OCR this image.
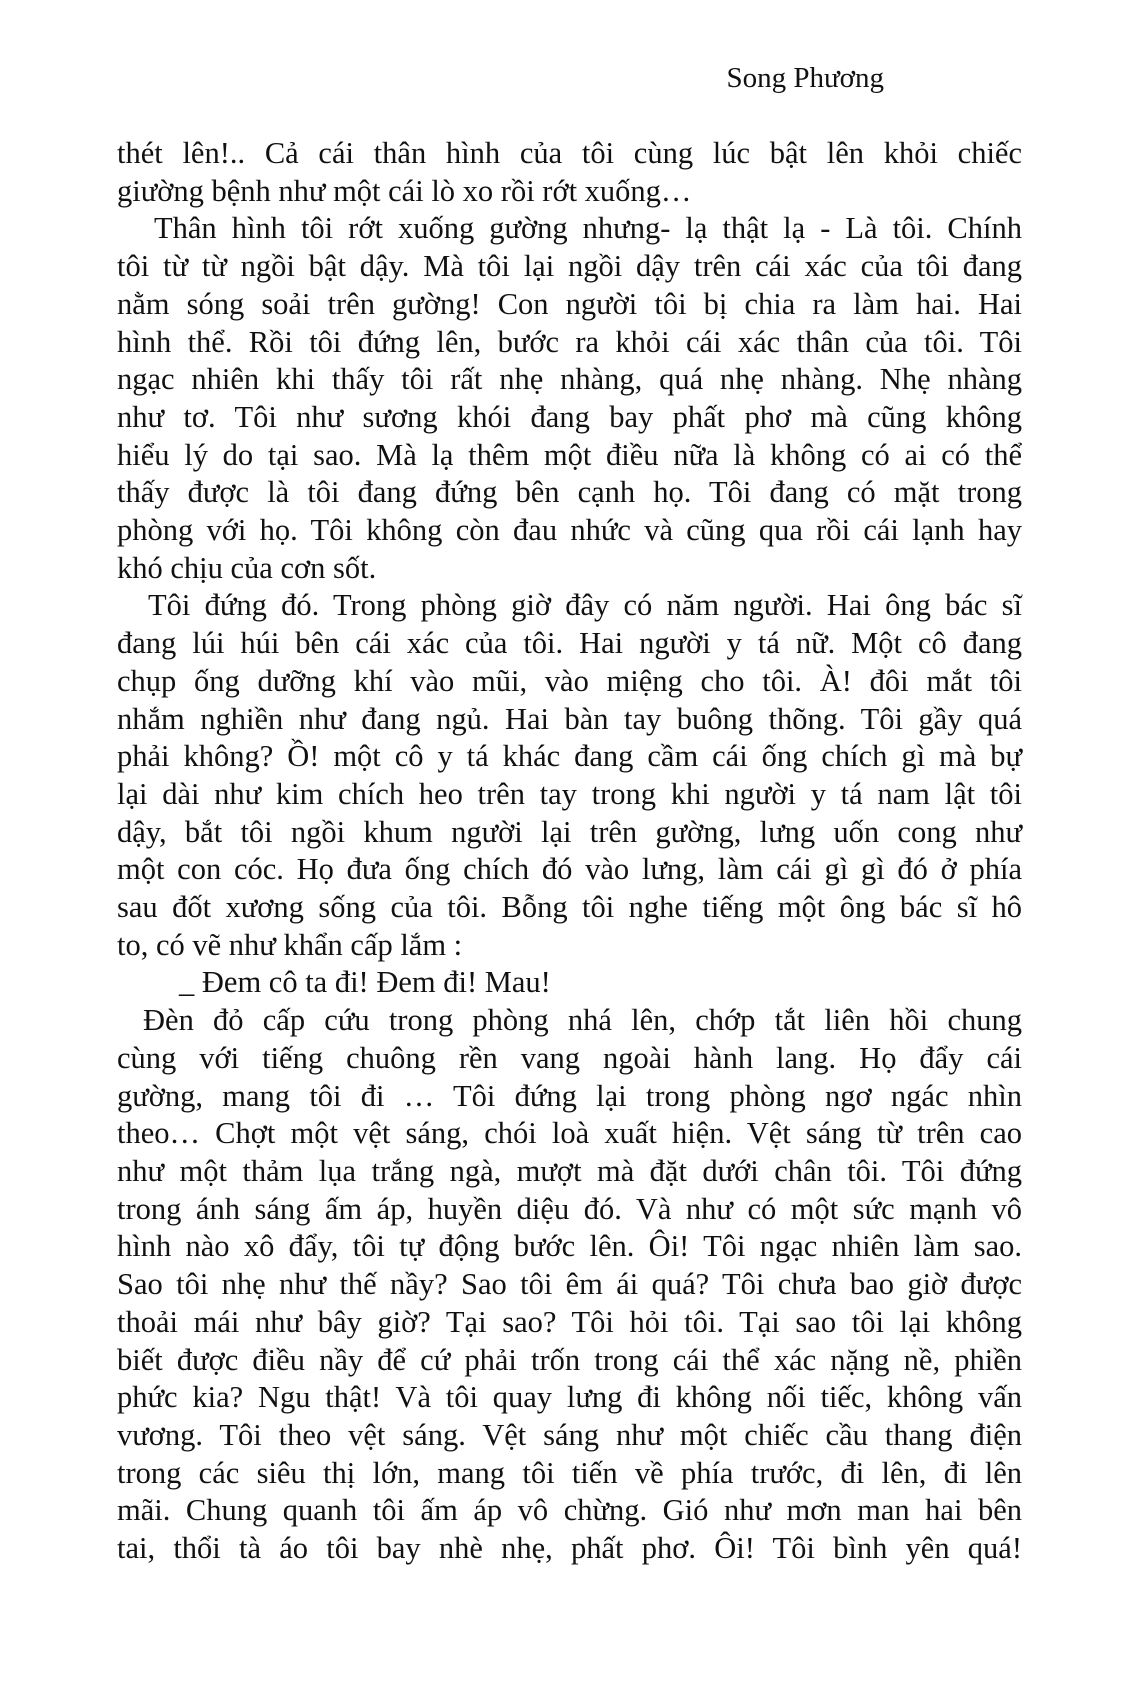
Song Phương
thét lên!.. Cả cái thân hình của tôi cùng lúc bật lên khỏi chiếc
giường bệnh như một cái lò xo rồi rớt xuống…
Thân hình tôi rớt xuống gường nhưng- lạ thật lạ - Là tôi. Chính
tôi từ từ ngồi bật dậy. Mà tôi lại ngồi dậy trên cái xác của tôi đang
nằm sóng soải trên gường! Con người tôi bị chia ra làm hai. Hai
hình thể. Rồi tôi đứng lên, bước ra khỏi cái xác thân của tôi. Tôi
ngạc nhiên khi thấy tôi rất nhẹ nhàng, quá nhẹ nhàng. Nhẹ nhàng
như tơ. Tôi như sương khói đang bay phất phơ mà cũng không
hiểu lý do tại sao. Mà lạ thêm một điều nữa là không có ai có thể
thấy được là tôi đang đứng bên cạnh họ. Tôi đang có mặt trong
phòng với họ. Tôi không còn đau nhức và cũng qua rồi cái lạnh hay
khó chịu của cơn sốt.
Tôi đứng đó. Trong phòng giờ đây có năm người. Hai ông bác sĩ
đang lúi húi bên cái xác của tôi. Hai người y tá nữ. Một cô đang
chụp ống dưỡng khí vào mũi, vào miệng cho tôi. À! đôi mắt tôi
nhắm nghiền như đang ngủ. Hai bàn tay buông thõng. Tôi gầy quá
phải không? Ồ! một cô y tá khác đang cầm cái ống chích gì mà bự
lại dài như kim chích heo trên tay trong khi người y tá nam lật tôi
dậy, bắt tôi ngồi khum người lại trên gường, lưng uốn cong như
một con cóc. Họ đưa ống chích đó vào lưng, làm cái gì gì đó ở phía
sau đốt xương sống của tôi. Bỗng tôi nghe tiếng một ông bác sĩ hô
to, có vẽ như khẩn cấp lắm :
_ Đem cô ta đi! Đem đi! Mau!
Đèn đỏ cấp cứu trong phòng nhá lên, chớp tắt liên hồi chung
cùng với tiếng chuông rền vang ngoài hành lang. Họ đẩy cái
gường, mang tôi đi … Tôi đứng lại trong phòng ngơ ngác nhìn
theo… Chợt một vệt sáng, chói loà xuất hiện. Vệt sáng từ trên cao
như một thảm lụa trắng ngà, mượt mà đặt dưới chân tôi. Tôi đứng
trong ánh sáng ấm áp, huyền diệu đó. Và như có một sức mạnh vô
hình nào xô đẩy, tôi tự động bước lên. Ôi! Tôi ngạc nhiên làm sao.
Sao tôi nhẹ như thế nầy? Sao tôi êm ái quá? Tôi chưa bao giờ được
thoải mái như bây giờ? Tại sao? Tôi hỏi tôi. Tại sao tôi lại không
biết được điều nầy để cứ phải trốn trong cái thể xác nặng nề, phiền
phức kia? Ngu thật! Và tôi quay lưng đi không nối tiếc, không vấn
vương. Tôi theo vệt sáng. Vệt sáng như một chiếc cầu thang điện
trong các siêu thị lớn, mang tôi tiến về phía trước, đi lên, đi lên
mãi. Chung quanh tôi ấm áp vô chừng. Gió như mơn man hai bên
tai, thổi tà áo tôi bay nhè nhẹ, phất phơ. Ôi! Tôi bình yên quá!
